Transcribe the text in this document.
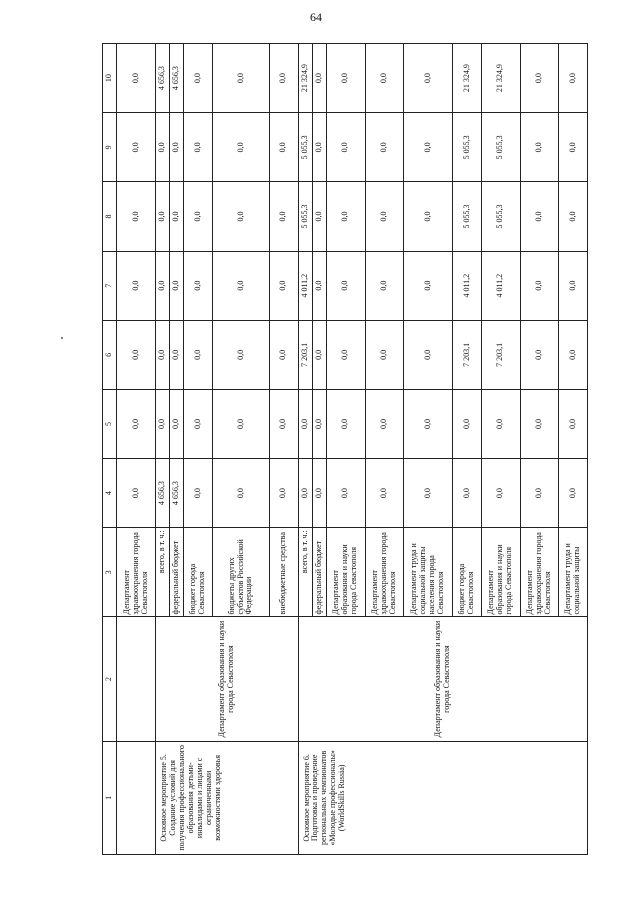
64
1	2	3	4	5	6	7	8	9	10
		Департамент здравоохранения города Севастополя	0,0	0,0	0,0	0,0	0,0	0,0	0,0
Основное мероприятие 5. Создание условий для получения профессионального образования детьми-инвалидами и лицами с ограниченными возможностями здоровья	Департамент образования и науки города Севастополя	всего, в т. ч.:	4 656,3	0,0	0,0	0,0	0,0	0,0	4 656,3
		федеральный бюджет	4 656,3	0,0	0,0	0,0	0,0	0,0	4 656,3
		бюджет города Севастополя	0,0	0,0	0,0	0,0	0,0	0,0	0,0
		бюджеты других субъектов Российской Федерации	0,0	0,0	0,0	0,0	0,0	0,0	0,0
		внебюджетные средства	0,0	0,0	0,0	0,0	0,0	0,0	0,0
Основное мероприятие 6. Подготовка и проведение региональных чемпионатов «Молодые профессионалы» (WorldSkills Russia)	Департамент образования и науки города Севастополя	всего, в т. ч.:	0,0	0,0	7 203,1	4 011,2	5 055,3	5 055,3	21 324,9
		федеральный бюджет	0,0	0,0	0,0	0,0	0,0	0,0	0,0
		Департамент образования и науки города Севастополя	0,0	0,0	0,0	0,0	0,0	0,0	0,0
		Департамент здравоохранения города Севастополя	0,0	0,0	0,0	0,0	0,0	0,0	0,0
		Департамент труда и социальной защиты населения города Севастополя	0,0	0,0	0,0	0,0	0,0	0,0	0,0
		бюджет города Севастополя	0,0	0,0	7 203,1	4 011,2	5 055,3	5 055,3	21 324,9
		Департамент образования и науки города Севастополя	0,0	0,0	7 203,1	4 011,2	5 055,3	5 055,3	21 324,9
		Департамент здравоохранения города Севастополя	0,0	0,0	0,0	0,0	0,0	0,0	0,0
		Департамент труда и социальной защиты	0,0	0,0	0,0	0,0	0,0	0,0	0,0
